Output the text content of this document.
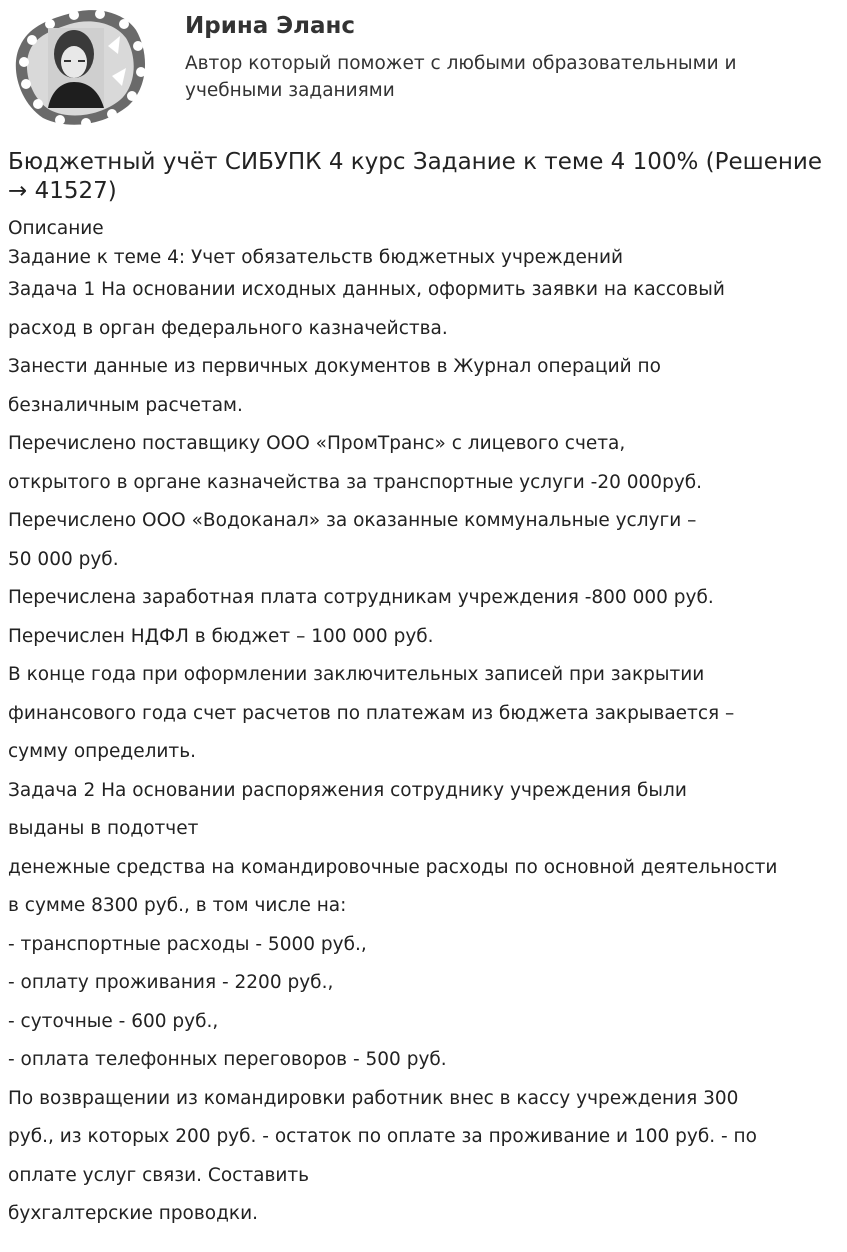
Ирина Эланс
Автор который поможет с любыми образовательными и учебными заданиями
Бюджетный учёт СИБУПК 4 курс Задание к теме 4 100% (Решение → 41527)
Описание

Задание к теме 4: Учет обязательств бюджетных учреждений

Задача 1 На основании исходных данных, оформить заявки на кассовый

расход в орган федерального казначейства.

Занести данные из первичных документов в Журнал операций по

безналичным расчетам.

Перечислено поставщику ООО «ПромТранс» с лицевого счета,

открытого в органе казначейства за транспортные услуги -20 000руб.

Перечислено ООО «Водоканал» за оказанные коммунальные услуги –

50 000 руб.

Перечислена заработная плата сотрудникам учреждения -800 000 руб.

Перечислен НДФЛ в бюджет – 100 000 руб.

В конце года при оформлении заключительных записей при закрытии

финансового года счет расчетов по платежам из бюджета закрывается –

сумму определить.

Задача 2 На основании распоряжения сотруднику учреждения были

выданы в подотчет

денежные средства на командировочные расходы по основной деятельности

в сумме 8300 руб., в том числе на:

- транспортные расходы - 5000 руб.,

- оплату проживания - 2200 руб.,

- суточные - 600 руб.,

- оплата телефонных переговоров - 500 руб.

По возвращении из командировки работник внес в кассу учреждения 300

руб., из которых 200 руб. - остаток по оплате за проживание и 100 руб. - по

оплате услуг связи. Составить

бухгалтерские проводки.
